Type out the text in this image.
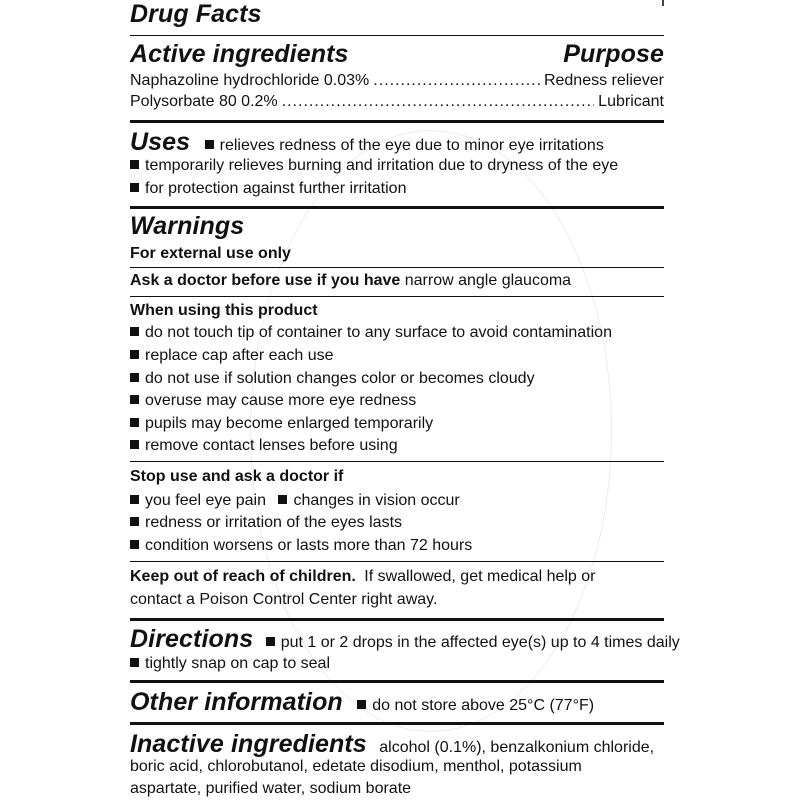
Drug Facts
Active ingredients	Purpose
Naphazoline hydrochloride 0.03% .....	Redness reliever
Polysorbate 80 0.2% .....	Lubricant
Uses relieves redness of the eye due to minor eye irritations
temporarily relieves burning and irritation due to dryness of the eye
for protection against further irritation
Warnings
For external use only
Ask a doctor before use if you have narrow angle glaucoma
When using this product
do not touch tip of container to any surface to avoid contamination
replace cap after each use
do not use if solution changes color or becomes cloudy
overuse may cause more eye redness
pupils may become enlarged temporarily
remove contact lenses before using
Stop use and ask a doctor if
you feel eye pain changes in vision occur
redness or irritation of the eyes lasts
condition worsens or lasts more than 72 hours
Keep out of reach of children. If swallowed, get medical help or
contact a Poison Control Center right away.
Directions put 1 or 2 drops in the affected eye(s) up to 4 times daily
tightly snap on cap to seal
Other information do not store above 25°C (77°F)
Inactive ingredients alcohol (0.1%), benzalkonium chloride,
boric acid, chlorobutanol, edetate disodium, menthol, potassium
aspartate, purified water, sodium borate
